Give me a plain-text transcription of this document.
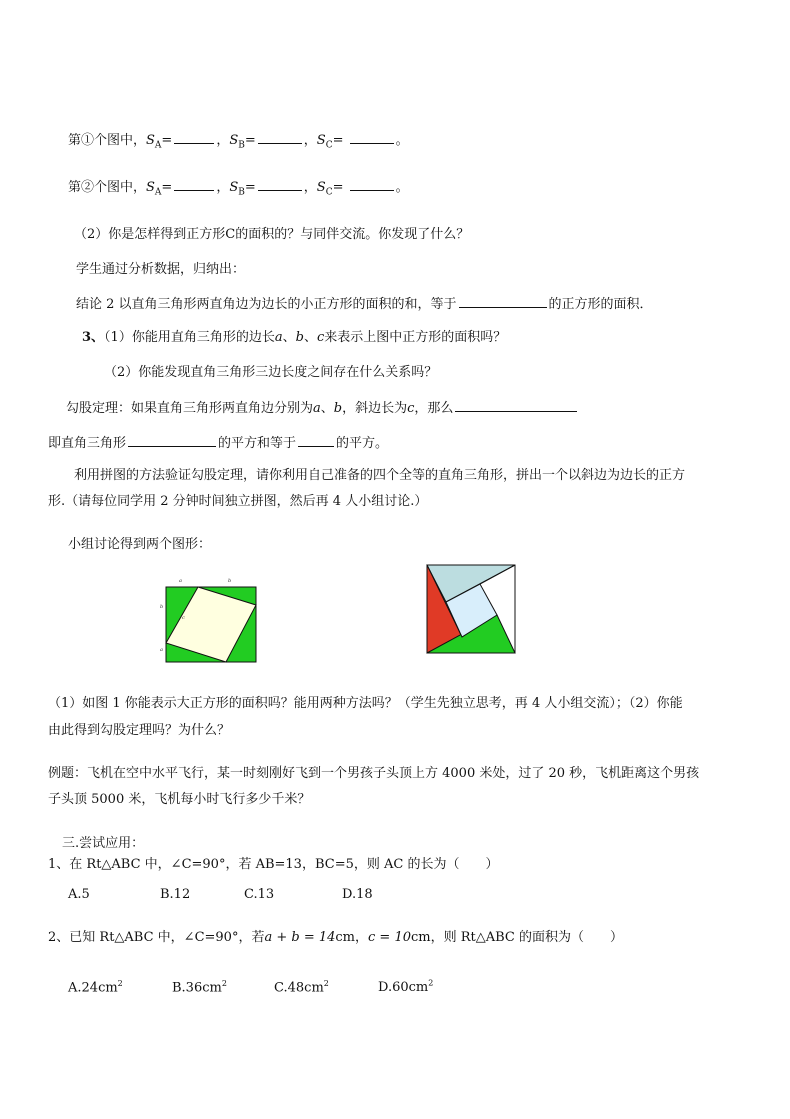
第①个图中，$S_A=$	，$S_B=$	，$S_C=$	。
第②个图中，$S_A=$	，$S_B=$	，$S_C=$	。
（2）你是怎样得到正方形C的面积的？与同伴交流。你发现了什么？
学生通过分析数据，归纳出：
结论 2 以直角三角形两直角边为边长的小正方形的面积的和，等于	的正方形的面积．
3、（1）你能用直角三角形的边长a、b、c来表示上图中正方形的面积吗？
（2）你能发现直角三角形三边长度之间存在什么关系吗？
勾股定理：如果直角三角形两直角边分别为a、b，斜边长为c，那么
即直角三角形	的平方和等于	的平方。
利用拼图的方法验证勾股定理，请你利用自己准备的四个全等的直角三角形，拼出一个以斜边为边长的正方
形.（请每位同学用 2 分钟时间独立拼图，然后再 4 人小组讨论.）
小组讨论得到两个图形：
a	b
b
c
a
（1）如图 1 你能表示大正方形的面积吗？能用两种方法吗？（学生先独立思考，再 4 人小组交流）；（2）你能
由此得到勾股定理吗？为什么？
例题：飞机在空中水平飞行，某一时刻刚好飞到一个男孩子头顶上方 4000 米处，过了 20 秒，飞机距离这个男孩
子头顶 5000 米，飞机每小时飞行多少千米？
三.尝试应用：
1、在 Rt△ABC 中，∠C=90°，若 AB=13，BC=5，则 AC 的长为（　　）
A.5	B.12	C.13	D.18
2、已知 Rt△ABC 中，∠C=90°，若a + b = 14cm，c = 10cm，则 Rt△ABC 的面积为（　　）
$A.24cm^2$	$B.36cm^2$	$C.48cm^2$	$D.60cm^2$
